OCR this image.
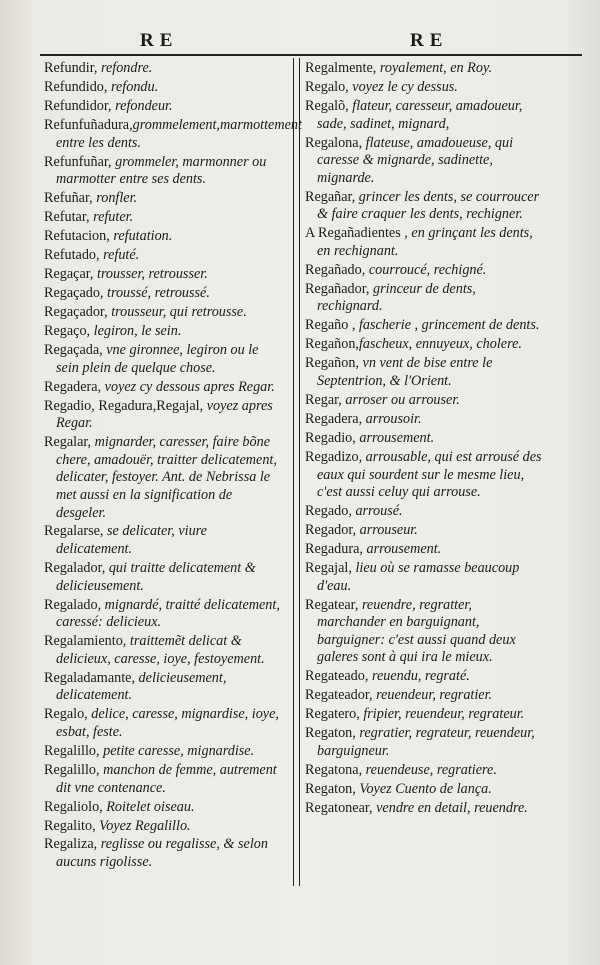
RE	RE
Refundir, refondre.
Refundido, refondu.
Refundidor, refondeur.
Refunfuñadura,grommelement,marmottement entre les dents.
Refunfuñar, grommeler, marmonner ou marmotter entre ses dents.
Refuñar, ronfler.
Refutar, refuter.
Refutacion, refutation.
Refutado, refuté.
Regaçar, trousser, retrousser.
Regaçado, troussé, retroussé.
Regaçador, trousseur, qui retrousse.
Regaço, legiron, le sein.
Regaçada, vne gironnee, legiron ou le sein plein de quelque chose.
Regadera, voyez cy dessous apres Regar.
Regadio, Regadura,Regajal, voyez apres Regar.
Regalar, mignarder, caresser, faire bõne chere, amadouër, traitter delicatement, delicater, festoyer. Ant. de Nebrissa le met aussi en la signification de desgeler.
Regalarse, se delicater, viure delicatement.
Regalador, qui traitte delicatement & delicieusement.
Regalado, mignardé, traitté delicatement, caressé: delicieux.
Regalamiento, traittemẽt delicat & delicieux, caresse, ioye, festoyement.
Regaladamante, delicieusement, delicatement.
Regalo, delice, caresse, mignardise, ioye, esbat, feste.
Regalillo, petite caresse, mignardise.
Regalillo, manchon de femme, autrement dit vne contenance.
Regaliolo, Roitelet oiseau.
Regalito, Voyez Regalillo.
Regaliza, reglisse ou regalisse, & selon aucuns rigolisse.
Regalmente, royalement, en Roy.
Regalo, voyez le cy dessus.
Regalõ, flateur, caresseur, amadoueur, sade, sadinet, mignard,
Regalona, flateuse, amadoueuse, qui caresse & mignarde, sadinette, mignarde.
Regañar, grincer les dents, se courroucer & faire craquer les dents, rechigner.
A Regañadientes , en grinçant les dents, en rechignant.
Regañado, courroucé, rechigné.
Regañador, grinceur de dents, rechignard.
Regaño , fascherie , grincement de dents.
Regañon,fascheux, ennuyeux, cholere.
Regañon, vn vent de bise entre le Septentrion, & l'Orient.
Regar, arroser ou arrouser.
Regadera, arrousoir.
Regadio, arrousement.
Regadizo, arrousable, qui est arrousé des eaux qui sourdent sur le mesme lieu, c'est aussi celuy qui arrouse.
Regado, arrousé.
Regador, arrouseur.
Regadura, arrousement.
Regajal, lieu où se ramasse beaucoup d'eau.
Regatear, reuendre, regratter, marchander en barguignant, barguigner: c'est aussi quand deux galeres sont à qui ira le mieux.
Regateado, reuendu, regraté.
Regateador, reuendeur, regratier.
Regatero, fripier, reuendeur, regrateur.
Regaton, regratier, regrateur, reuendeur, barguigneur.
Regatona, reuendeuse, regratiere.
Regaton, Voyez Cuento de lança.
Regatonear, vendre en detail, reuendre.
